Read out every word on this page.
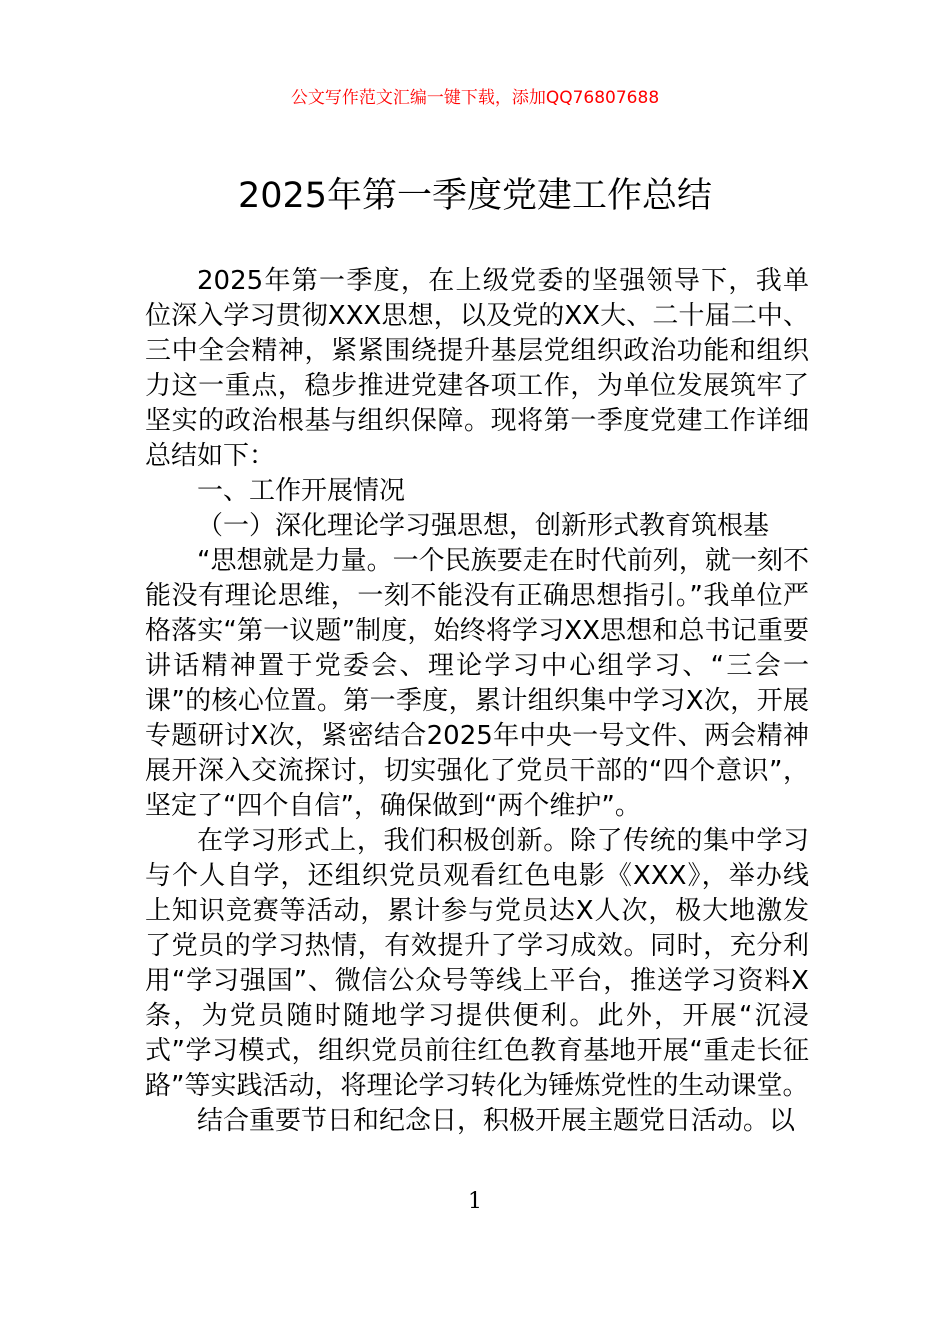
公文写作范文汇编一键下载，添加QQ76807688
2025年第一季度党建工作总结

2025年第一季度，在上级党委的坚强领导下，我单位深入学习贯彻XXX思想，以及党的XX大、二十届二中、三中全会精神，紧紧围绕提升基层党组织政治功能和组织力这一重点，稳步推进党建各项工作，为单位发展筑牢了坚实的政治根基与组织保障。现将第一季度党建工作详细总结如下：

一、工作开展情况

（一）深化理论学习强思想，创新形式教育筑根基

“思想就是力量。一个民族要走在时代前列，就一刻不能没有理论思维，一刻不能没有正确思想指引。”我单位严格落实“第一议题”制度，始终将学习XX思想和总书记重要讲话精神置于党委会、理论学习中心组学习、“三会一课”的核心位置。第一季度，累计组织集中学习X次，开展专题研讨X次，紧密结合2025年中央一号文件、两会精神展开深入交流探讨，切实强化了党员干部的“四个意识”，坚定了“四个自信”，确保做到“两个维护”。

在学习形式上，我们积极创新。除了传统的集中学习与个人自学，还组织党员观看红色电影《XXX》，举办线上知识竞赛等活动，累计参与党员达X人次，极大地激发了党员的学习热情，有效提升了学习成效。同时，充分利用“学习强国”、微信公众号等线上平台，推送学习资料X条，为党员随时随地学习提供便利。此外，开展“沉浸式”学习模式，组织党员前往红色教育基地开展“重走长征路”等实践活动，将理论学习转化为锤炼党性的生动课堂。

结合重要节日和纪念日，积极开展主题党日活动。以

1
